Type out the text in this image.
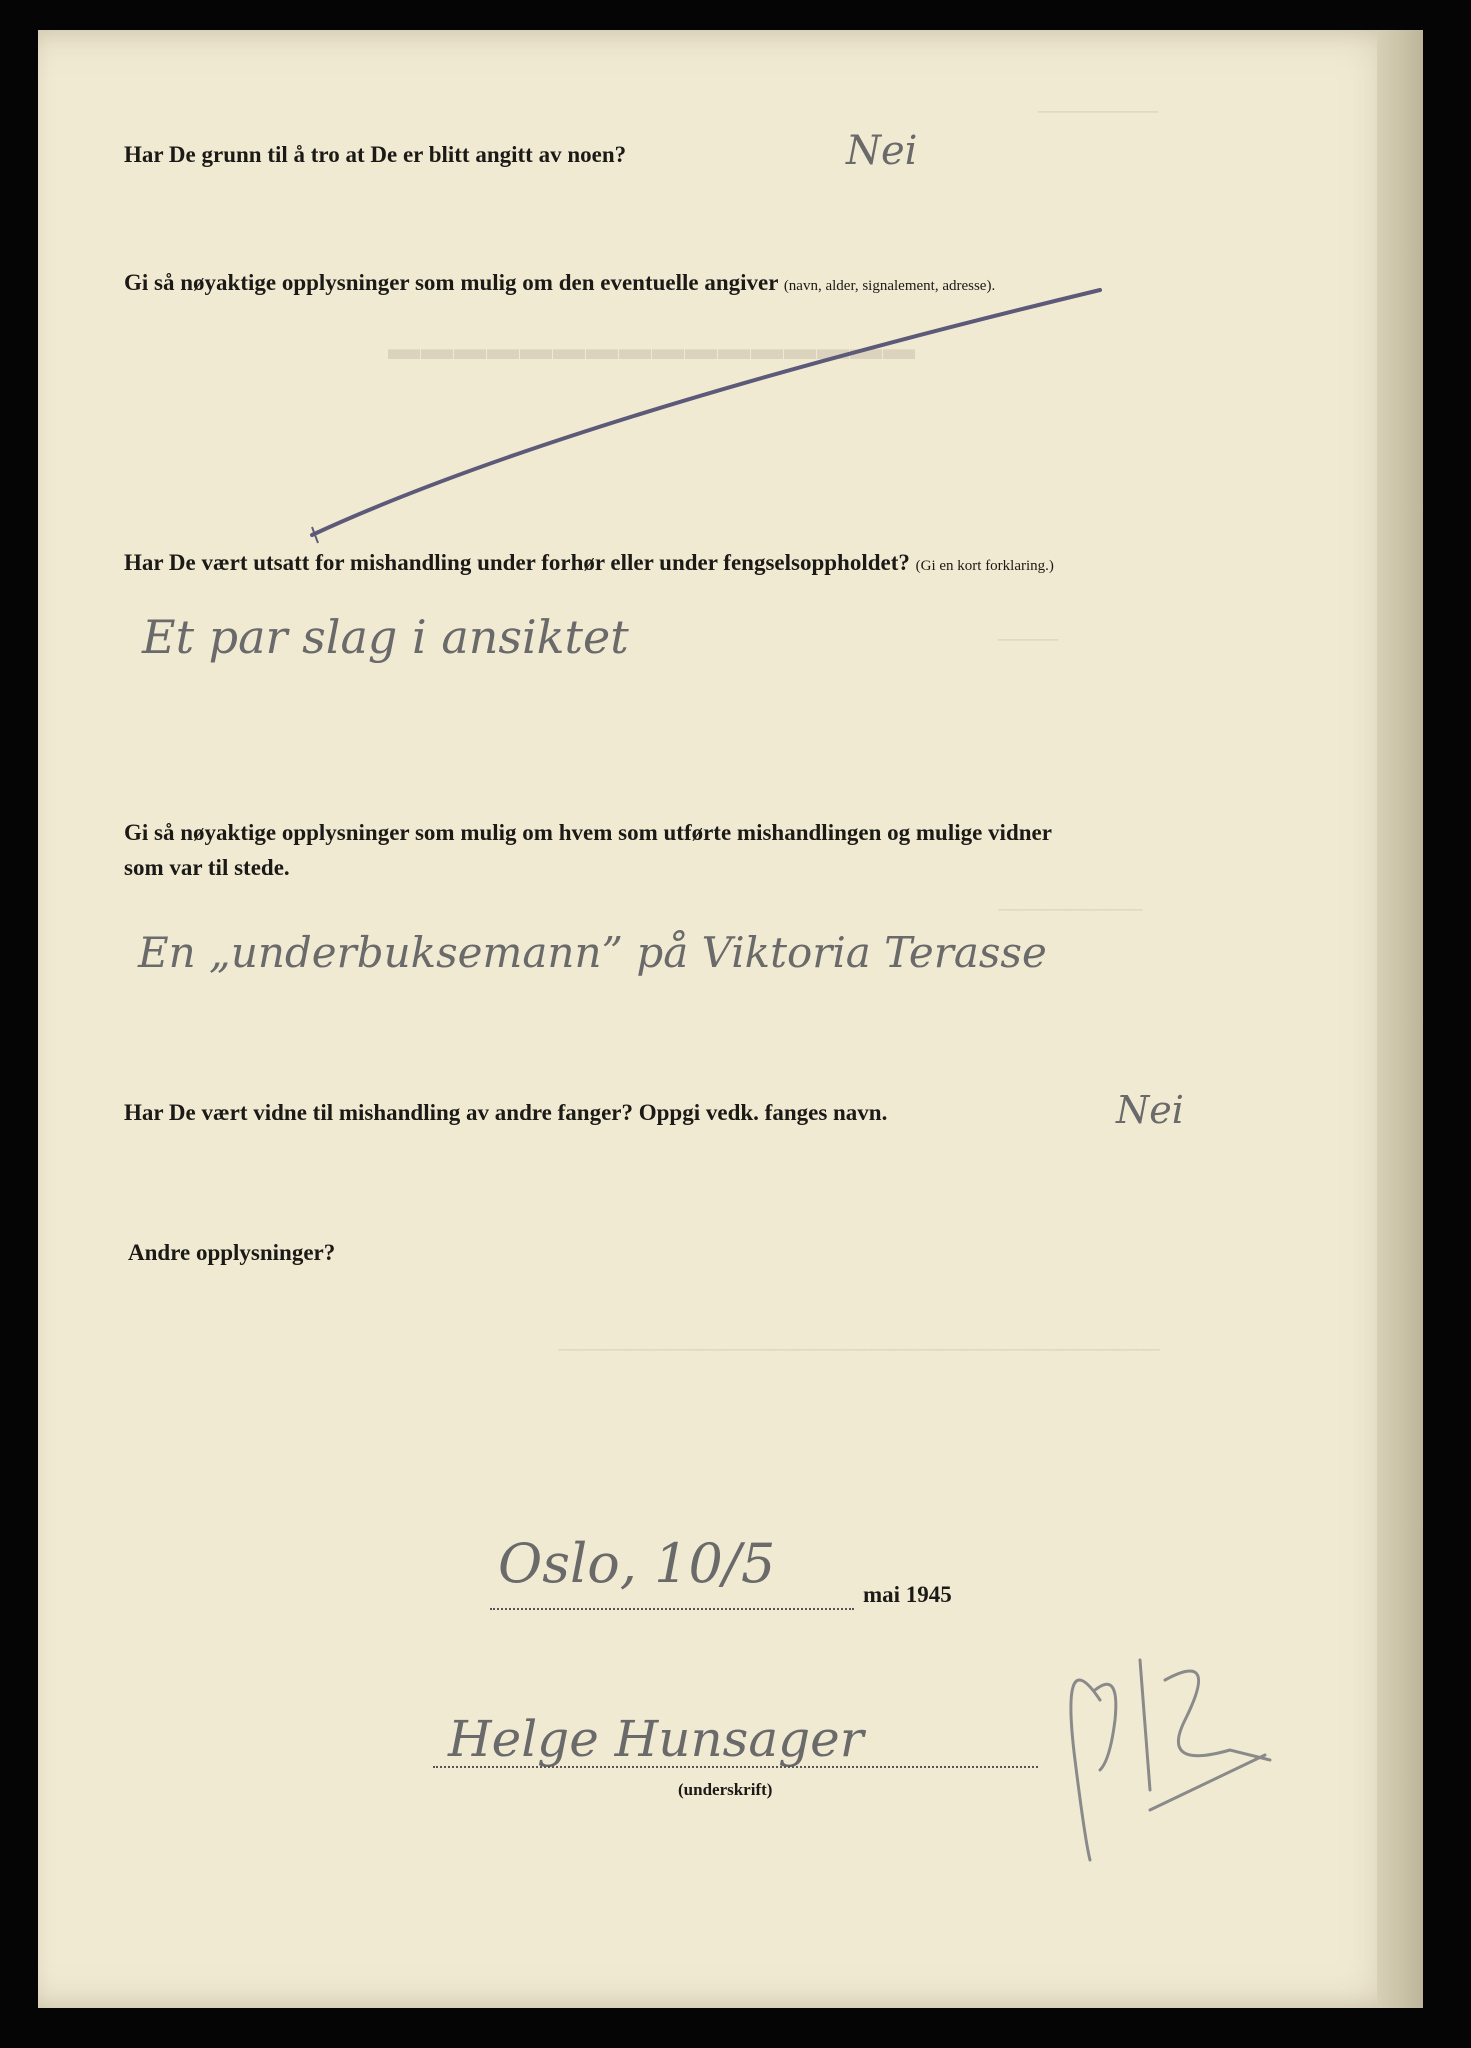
▬▬▬▬▬▬▬▬▬▬▬▬▬▬▬▬
──────────
─────
────────────
──────────────────────────────────────────────────
Har De grunn til å tro at De er blitt angitt av noen?	Nei
Gi så nøyaktige opplysninger som mulig om den eventuelle angiver (navn, alder, signalement, adresse).
Har De vært utsatt for mishandling under forhør eller under fengselsoppholdet? (Gi en kort forklaring.)
Et par slag i ansiktet
Gi så nøyaktige opplysninger som mulig om hvem som utførte mishandlingen og mulige vidner
som var til stede.
En „underbuksemann” på Viktoria Terasse
Har De vært vidne til mishandling av andre fanger? Oppgi vedk. fanges navn.	Nei
Andre opplysninger?
Oslo, 10/5	mai 1945
Helge Hunsager
(underskrift)
